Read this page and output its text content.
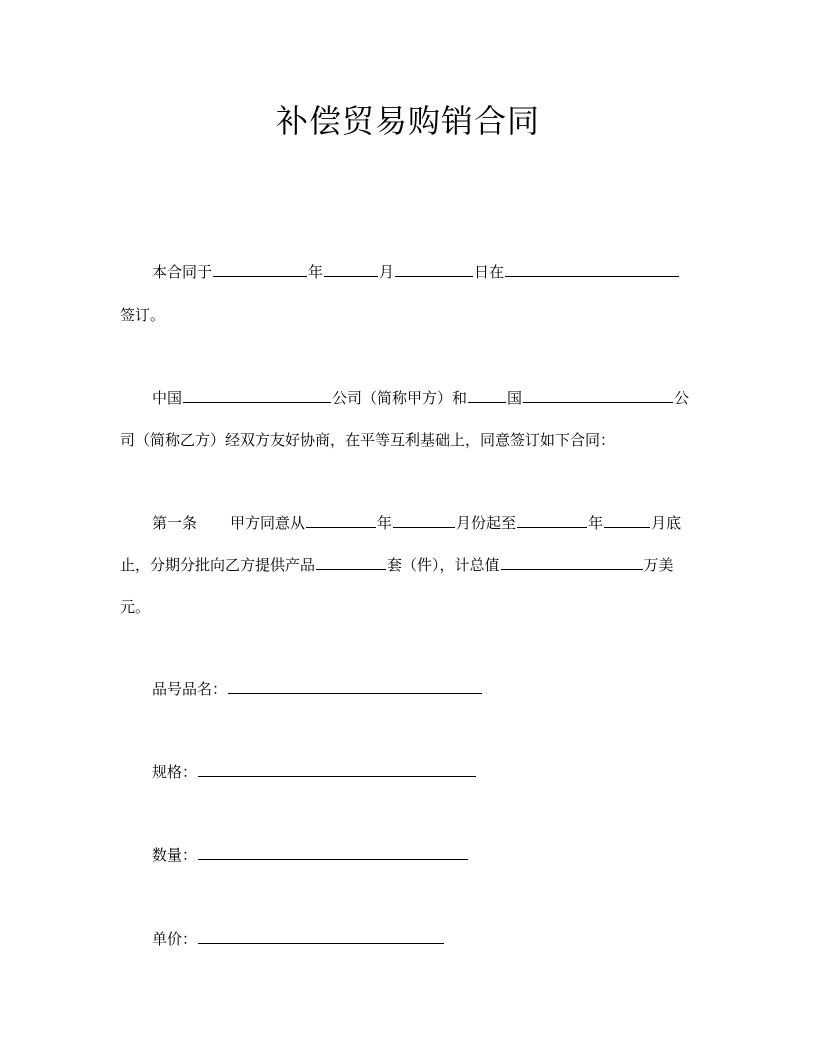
补偿贸易购销合同
本合同于	年	月	日在
签订。
中国	公司（简称甲方）和	国	公
司（简称乙方）经双方友好协商，在平等互利基础上，同意签订如下合同：
第一条 甲方同意从	年	月份起至	年	月底
止，分期分批向乙方提供产品	套（件），计总值	万美
元。
品号品名：
规格：
数量：
单价：
